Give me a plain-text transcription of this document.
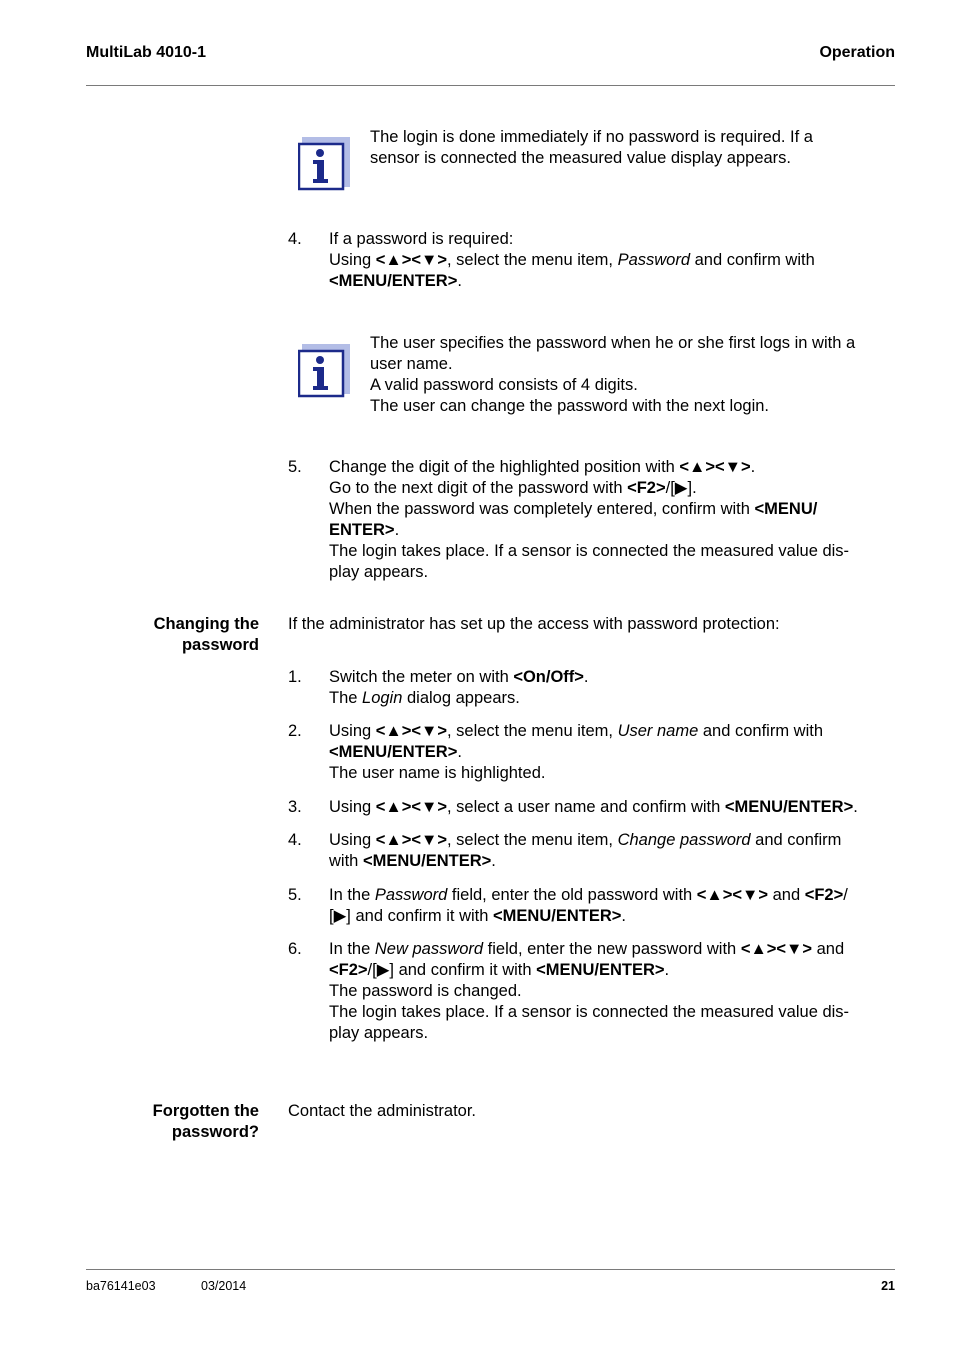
MultiLab 4010-1	Operation
The login is done immediately if no password is required. If a
sensor is connected the measured value display appears.
4. If a password is required:
Using <▲><▼>, select the menu item, Password and confirm with
<MENU/ENTER>.
The user specifies the password when he or she first logs in with a
user name.
A valid password consists of 4 digits.
The user can change the password with the next login.
5. Change the digit of the highlighted position with <▲><▼>.
Go to the next digit of the password with <F2>/[▶].
When the password was completely entered, confirm with <MENU/
ENTER>.
The login takes place. If a sensor is connected the measured value dis-
play appears.
Changing the
password
If the administrator has set up the access with password protection:
1. Switch the meter on with <On/Off>.
The Login dialog appears.
2. Using <▲><▼>, select the menu item, User name and confirm with
<MENU/ENTER>.
The user name is highlighted.
3. Using <▲><▼>, select a user name and confirm with <MENU/ENTER>.
4. Using <▲><▼>, select the menu item, Change password and confirm
with <MENU/ENTER>.
5. In the Password field, enter the old password with <▲><▼> and <F2>/
[▶] and confirm it with <MENU/ENTER>.
6. In the New password field, enter the new password with <▲><▼> and
<F2>/[▶] and confirm it with <MENU/ENTER>.
The password is changed.
The login takes place. If a sensor is connected the measured value dis-
play appears.
Forgotten the
password?
Contact the administrator.
ba76141e03	03/2014	21
